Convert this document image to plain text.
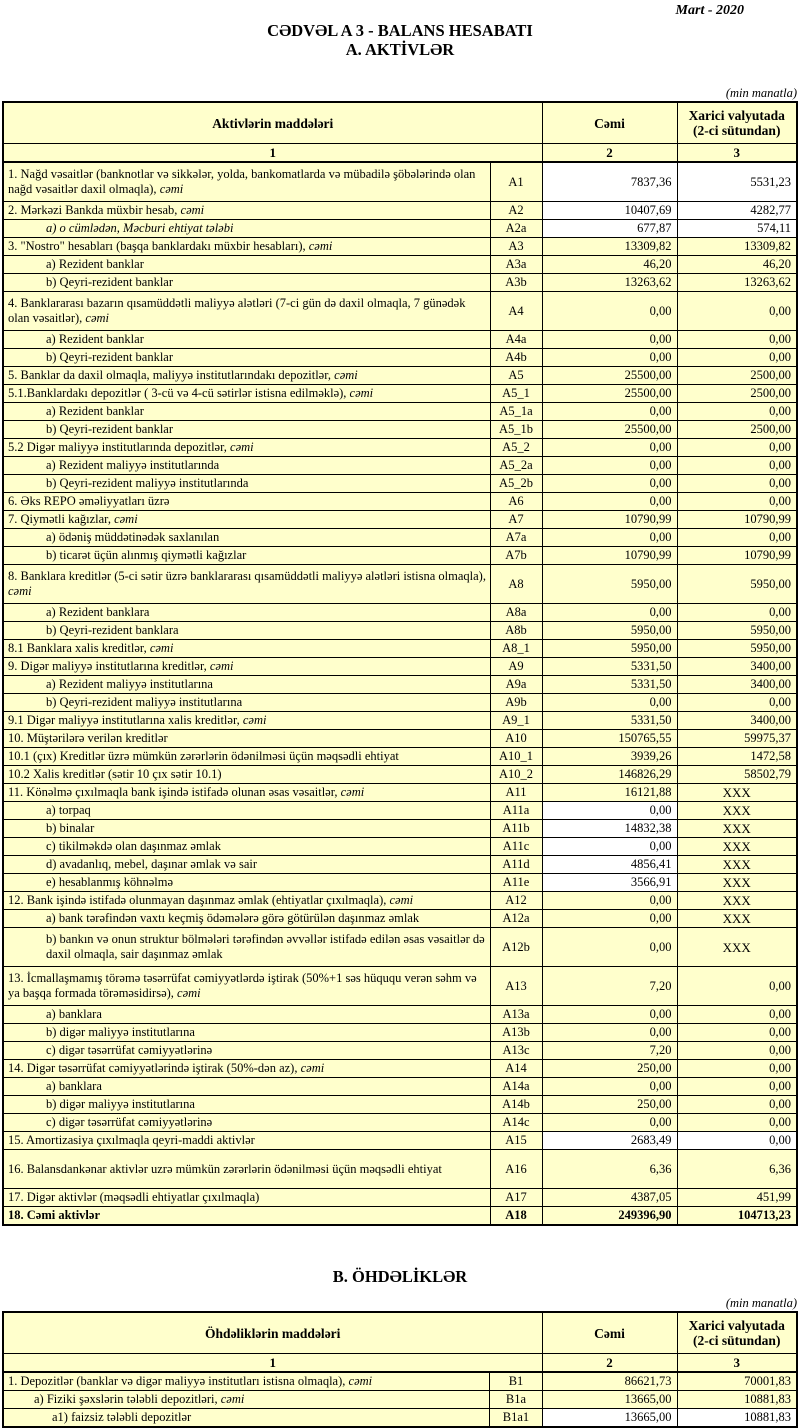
Mart - 2020
CƏDVƏL A 3 - BALANS HESABATI
A. AKTİVLƏR
(min manatla)
Aktivlərin maddələri		Cəmi	Xarici valyutada
(2-ci sütundan)

1		2	3
1. Nağd vəsaitlər (banknotlar və sikkələr, yolda, bankomatlarda və mübadilə şöbələrində olan nağd vəsaitlər daxil olmaqla), cəmi	A1	7837,36	5531,23
2. Mərkəzi Bankda müxbir hesab, cəmi	A2	10407,69	4282,77
a) o cümlədən, Məcburi ehtiyat tələbi	A2a	677,87	574,11
3. "Nostro" hesabları (başqa banklardakı müxbir hesabları), cəmi	A3	13309,82	13309,82
a) Rezident banklar	A3a	46,20	46,20
b) Qeyri-rezident banklar	A3b	13263,62	13263,62
4. Banklararası bazarın qısamüddətli maliyyə alətləri (7-ci gün də daxil olmaqla, 7 günədək olan vəsaitlər), cəmi	A4	0,00	0,00
a) Rezident banklar	A4a	0,00	0,00
b) Qeyri-rezident banklar	A4b	0,00	0,00
5. Banklar da daxil olmaqla, maliyyə institutlarındakı depozitlər, cəmi	A5	25500,00	2500,00
5.1.Banklardakı depozitlər ( 3-cü və 4-cü sətirlər istisna edilməklə), cəmi	A5_1	25500,00	2500,00
a) Rezident banklar	A5_1a	0,00	0,00
b) Qeyri-rezident banklar	A5_1b	25500,00	2500,00
5.2 Digər maliyyə institutlarında depozitlər, cəmi	A5_2	0,00	0,00
a) Rezident maliyyə institutlarında	A5_2a	0,00	0,00
b) Qeyri-rezident maliyyə institutlarında	A5_2b	0,00	0,00
6. Əks REPO əməliyyatları üzrə	A6	0,00	0,00
7. Qiymətli kağızlar, cəmi	A7	10790,99	10790,99
a) ödəniş müddətinədək saxlanılan	A7a	0,00	0,00
b) ticarət üçün alınmış qiymətli kağızlar	A7b	10790,99	10790,99
8. Banklara kreditlər (5-ci sətir üzrə banklararası qısamüddətli maliyyə alətləri istisna olmaqla), cəmi	A8	5950,00	5950,00
a) Rezident banklara	A8a	0,00	0,00
b) Qeyri-rezident banklara	A8b	5950,00	5950,00
8.1 Banklara xalis kreditlər, cəmi	A8_1	5950,00	5950,00
9. Digər maliyyə institutlarına kreditlər, cəmi	A9	5331,50	3400,00
a) Rezident maliyyə institutlarına	A9a	5331,50	3400,00
b) Qeyri-rezident maliyyə institutlarına	A9b	0,00	0,00
9.1 Digər maliyyə institutlarına xalis kreditlər, cəmi	A9_1	5331,50	3400,00
10. Müştərilərə verilən kreditlər	A10	150765,55	59975,37
10.1 (çıx) Kreditlər üzrə mümkün zərərlərin ödənilməsi üçün məqsədli ehtiyat	A10_1	3939,26	1472,58
10.2 Xalis kreditlər (sətir 10 çıx sətir 10.1)	A10_2	146826,29	58502,79
11. Könəlmə çıxılmaqla bank işində istifadə olunan əsas vəsaitlər, cəmi	A11	16121,88	XXX
a) torpaq	A11a	0,00	XXX
b) binalar	A11b	14832,38	XXX
c) tikilməkdə olan daşınmaz əmlak	A11c	0,00	XXX
d) avadanlıq, mebel, daşınar əmlak və sair	A11d	4856,41	XXX
e) hesablanmış köhnəlmə	A11e	3566,91	XXX
12. Bank işində istifadə olunmayan daşınmaz əmlak (ehtiyatlar çıxılmaqla), cəmi	A12	0,00	XXX
a) bank tərəfindən vaxtı keçmiş ödəmələrə görə götürülən daşınmaz əmlak	A12a	0,00	XXX
b) bankın və onun struktur bölmələri tərəfindən əvvəllər istifadə edilən əsas vəsaitlər də daxil olmaqla, sair daşınmaz əmlak	A12b	0,00	XXX
13. İcmallaşmamış törəmə təsərrüfat cəmiyyətlərdə iştirak (50%+1 səs hüququ verən səhm və ya başqa formada törəməsidirsə), cəmi	A13	7,20	0,00
a) banklara	A13a	0,00	0,00
b) digər maliyyə institutlarına	A13b	0,00	0,00
c) digər təsərrüfat cəmiyyətlərinə	A13c	7,20	0,00
14. Digər təsərrüfat cəmiyyətlərində iştirak (50%-dən az), cəmi	A14	250,00	0,00
a) banklara	A14a	0,00	0,00
b) digər maliyyə institutlarına	A14b	250,00	0,00
c) digər təsərrüfat cəmiyyətlərinə	A14c	0,00	0,00
15. Amortizasiya çıxılmaqla qeyri-maddi aktivlər	A15	2683,49	0,00
16. Balansdankənar aktivlər uzrə mümkün zərərlərin ödənilməsi üçün məqsədli ehtiyat	A16	6,36	6,36
17. Digər aktivlər (məqsədli ehtiyatlar çıxılmaqla)	A17	4387,05	451,99
18. Cəmi aktivlər	A18	249396,90	104713,23
B. ÖHDƏLİKLƏR
(min manatla)
Öhdəliklərin maddələri		Cəmi	Xarici valyutada
(2-ci sütundan)

1		2	3
1. Depozitlər (banklar və digər maliyyə institutları istisna olmaqla), cəmi	B1	86621,73	70001,83
a) Fiziki şəxslərin tələbli depozitləri, cəmi	B1a	13665,00	10881,83
a1) faizsiz tələbli depozitlər	B1a1	13665,00	10881,83
